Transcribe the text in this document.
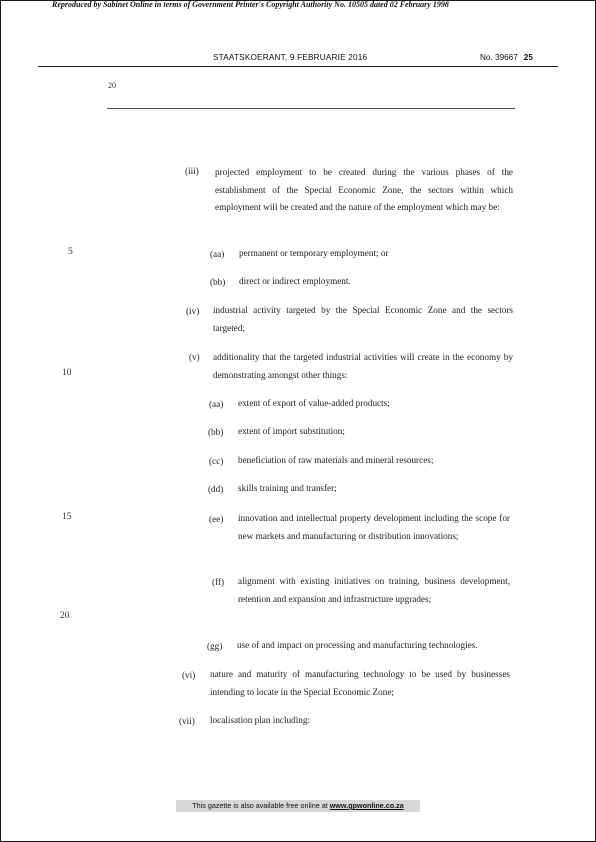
Reproduced by Sabinet Online in terms of Government Printer's Copyright Authority No. 10505 dated 02 February 1998
STAATSKOERANT, 9 FEBRUARIE 2016	No. 39667 25
20
5
10
15
20
(iii) projected employment to be created during the various phases of the establishment of the Special Economic Zone, the sectors within which employment will be created and the nature of the employment which may be:
(aa) permanent or temporary employment; or
(bb) direct or indirect employment.
(iv) industrial activity targeted by the Special Economic Zone and the sectors targeted;
(v) additionality that the targeted industrial activities will create in the economy by demonstrating amongst other things:
(aa) extent of export of value-added products;
(bb) extent of import substitution;
(cc) beneficiation of raw materials and mineral resources;
(dd) skills training and transfer;
(ee) innovation and intellectual property development including the scope for new markets and manufacturing or distribution innovations;
(ff) alignment with existing initiatives on training, business development, retention and expansion and infrastructure upgrades;
(gg) use of and impact on processing and manufacturing technologies.
(vi) nature and maturity of manufacturing technology to be used by businesses intending to locate in the Special Economic Zone;
(vii) localisation plan including:
This gazette is also available free online at www.gpwonline.co.za
